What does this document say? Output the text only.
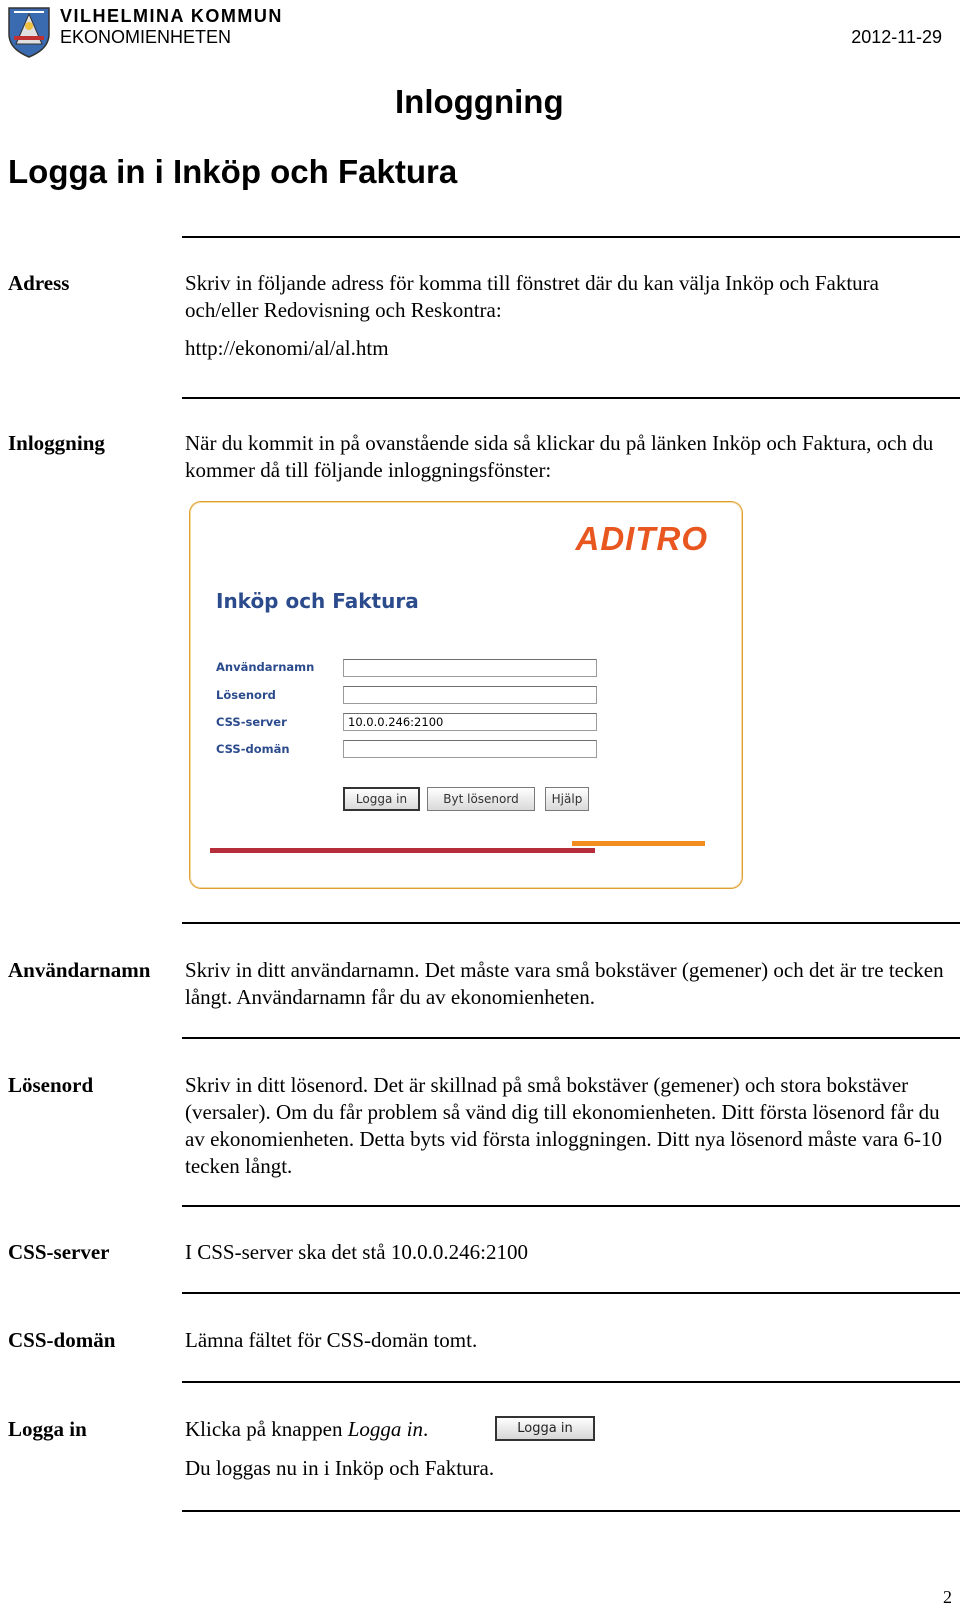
VILHELMINA KOMMUN
EKONOMIENHETEN	2012-11-29
Inloggning
Logga in i Inköp och Faktura
Adress	Skriv in följande adress för komma till fönstret där du kan välja Inköp och Faktura och/eller Redovisning och Reskontra:
http://ekonomi/al/al.htm
Inloggning	När du kommit in på ovanstående sida så klickar du på länken Inköp och Faktura, och du kommer då till följande inloggningsfönster:
ADITRO
Inköp och Faktura
Användarnamn
Lösenord
CSS-server	10.0.0.246:2100
CSS-domän
Logga in	Byt lösenord	Hjälp
Användarnamn Skriv in ditt användarnamn. Det måste vara små bokstäver (gemener) och det är tre tecken långt. Användarnamn får du av ekonomienheten.
Lösenord	Skriv in ditt lösenord. Det är skillnad på små bokstäver (gemener) och stora bokstäver (versaler). Om du får problem så vänd dig till ekonomienheten. Ditt första lösenord får du av ekonomienheten. Detta byts vid första inloggningen. Ditt nya lösenord måste vara 6-10 tecken långt.
CSS-server	I CSS-server ska det stå 10.0.0.246:2100
CSS-domän	Lämna fältet för CSS-domän tomt.
Logga in	Klicka på knappen Logga in.	Logga in
Du loggas nu in i Inköp och Faktura.
2
